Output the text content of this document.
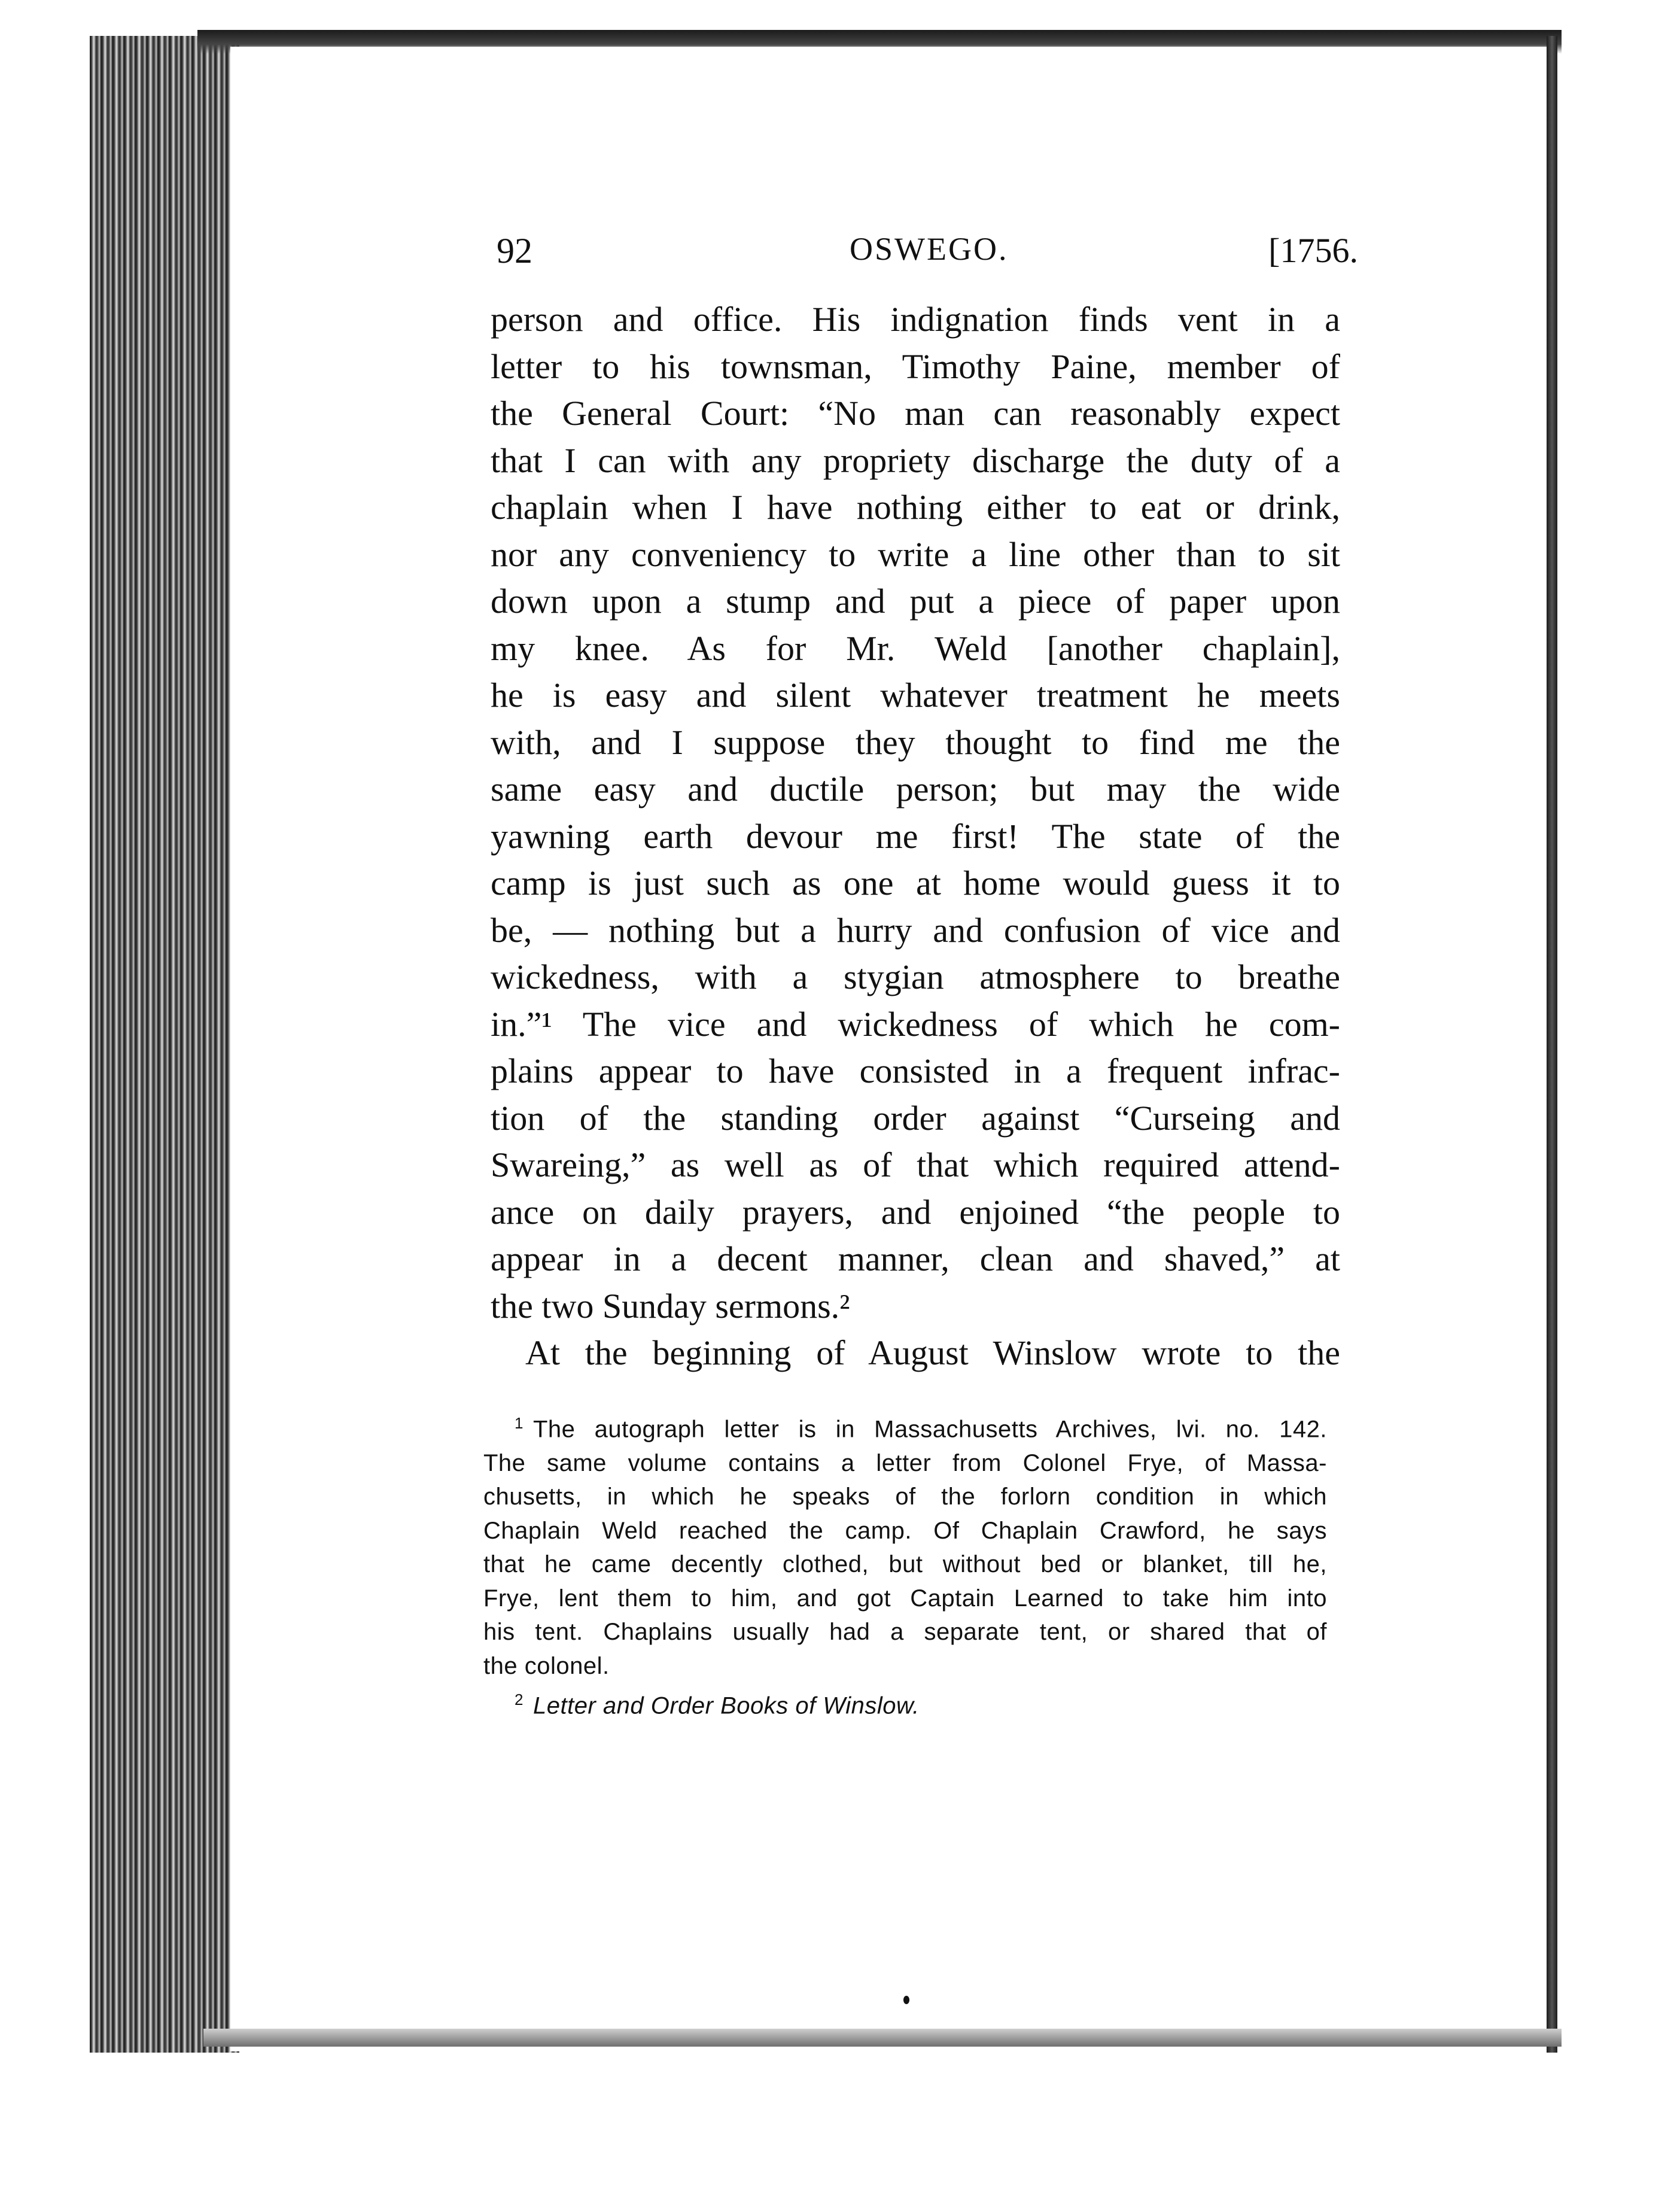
92	OSWEGO.	[1756.
person and office. His indignation finds vent in a
letter to his townsman, Timothy Paine, member of
the General Court: “No man can reasonably expect
that I can with any propriety discharge the duty of a
chaplain when I have nothing either to eat or drink,
nor any conveniency to write a line other than to sit
down upon a stump and put a piece of paper upon
my knee. As for Mr. Weld [another chaplain],
he is easy and silent whatever treatment he meets
with, and I suppose they thought to find me the
same easy and ductile person; but may the wide
yawning earth devour me first! The state of the
camp is just such as one at home would guess it to
be, — nothing but a hurry and confusion of vice and
wickedness, with a stygian atmosphere to breathe
in.”¹ The vice and wickedness of which he com-
plains appear to have consisted in a frequent infrac-
tion of the standing order against “Curseing and
Swareing,” as well as of that which required attend-
ance on daily prayers, and enjoined “the people to
appear in a decent manner, clean and shaved,” at
the two Sunday sermons.²
At the beginning of August Winslow wrote to the
$^1$ The autograph letter is in Massachusetts Archives, lvi. no. 142.
The same volume contains a letter from Colonel Frye, of Massa-
chusetts, in which he speaks of the forlorn condition in which
Chaplain Weld reached the camp. Of Chaplain Crawford, he says
that he came decently clothed, but without bed or blanket, till he,
Frye, lent them to him, and got Captain Learned to take him into
his tent. Chaplains usually had a separate tent, or shared that of
the colonel.
$^2$ Letter and Order Books of Winslow.
